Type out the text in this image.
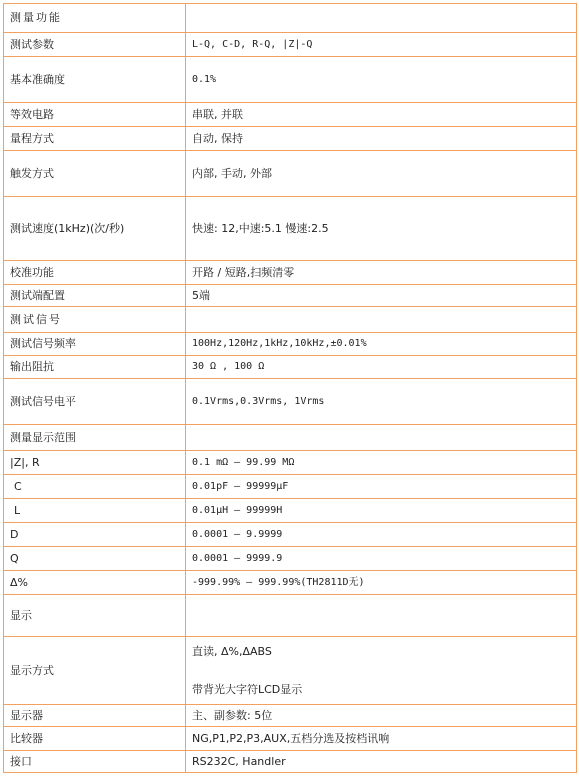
测量功能	
测试参数	L-Q, C-D, R-Q, |Z|-Q
基本准确度	0.1%
等效电路	串联, 并联
量程方式	自动, 保持
触发方式	内部, 手动, 外部
测试速度(1kHz)(次/秒)	快速: 12,中速:5.1 慢速:2.5
校准功能	开路 / 短路,扫频清零
测试端配置	5端
测试信号	
测试信号频率	100Hz,120Hz,1kHz,10kHz,±0.01%
输出阻抗	30 Ω , 100 Ω
测试信号电平	0.1Vrms,0.3Vrms, 1Vrms
测量显示范围	
|Z|, R	0.1 mΩ — 99.99 MΩ
C	0.01pF — 99999μF
L	0.01μH — 99999H
D	0.0001 — 9.9999
Q	0.0001 — 9999.9
Δ%	-999.99% — 999.99%(TH2811D无)
显示	
显示方式	直读, Δ%,ΔABS
带背光大字符LCD显示

显示器	主、副参数: 5位
比较器	NG,P1,P2,P3,AUX,五档分选及按档讯响
接口	RS232C, Handler
